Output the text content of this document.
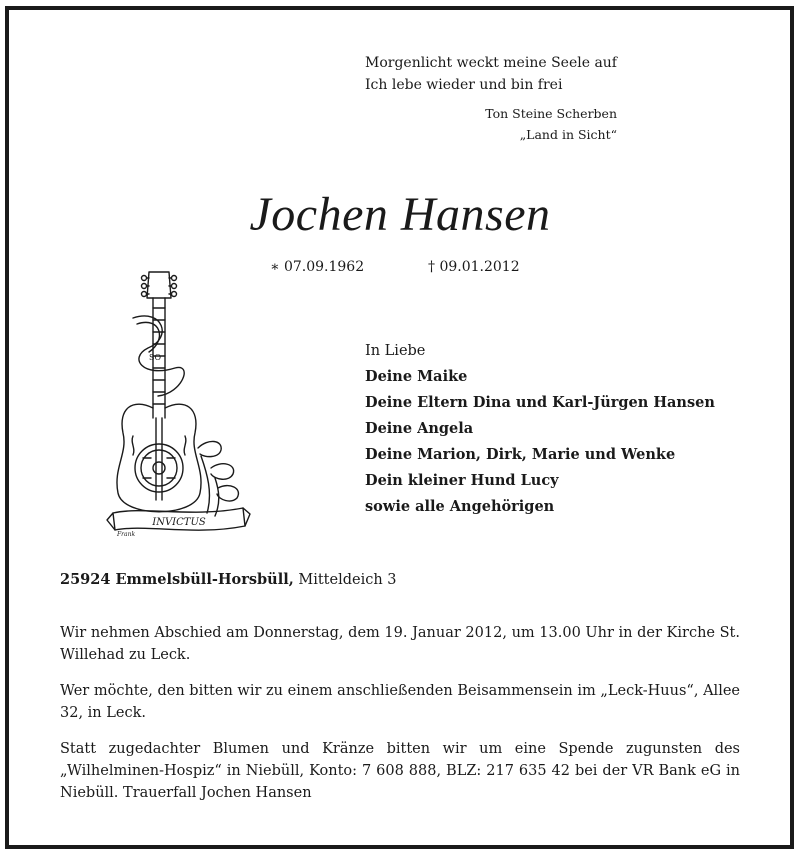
Morgenlicht weckt meine Seele auf
Ich lebe wieder und bin frei
Ton Steine Scherben
„Land in Sicht“
Jochen Hansen
∗ 07.09.1962	† 09.01.2012
INVICTUS
SO
Frank
In Liebe
Deine Maike
Deine Eltern Dina und Karl-Jürgen Hansen
Deine Angela
Deine Marion, Dirk, Marie und Wenke
Dein kleiner Hund Lucy
sowie alle Angehörigen
25924 Emmelsbüll-Horsbüll, Mitteldeich 3
Wir nehmen Abschied am Donnerstag, dem 19. Januar 2012, um 13.00 Uhr in der Kirche St. Willehad zu Leck.
Wer möchte, den bitten wir zu einem anschließenden Beisammensein im „Leck-Huus“, Allee 32, in Leck.
Statt zugedachter Blumen und Kränze bitten wir um eine Spende zugunsten des „Wilhelminen-Hospiz“ in Niebüll, Konto: 7 608 888, BLZ: 217 635 42 bei der VR Bank eG in Niebüll. Trauerfall Jochen Hansen
